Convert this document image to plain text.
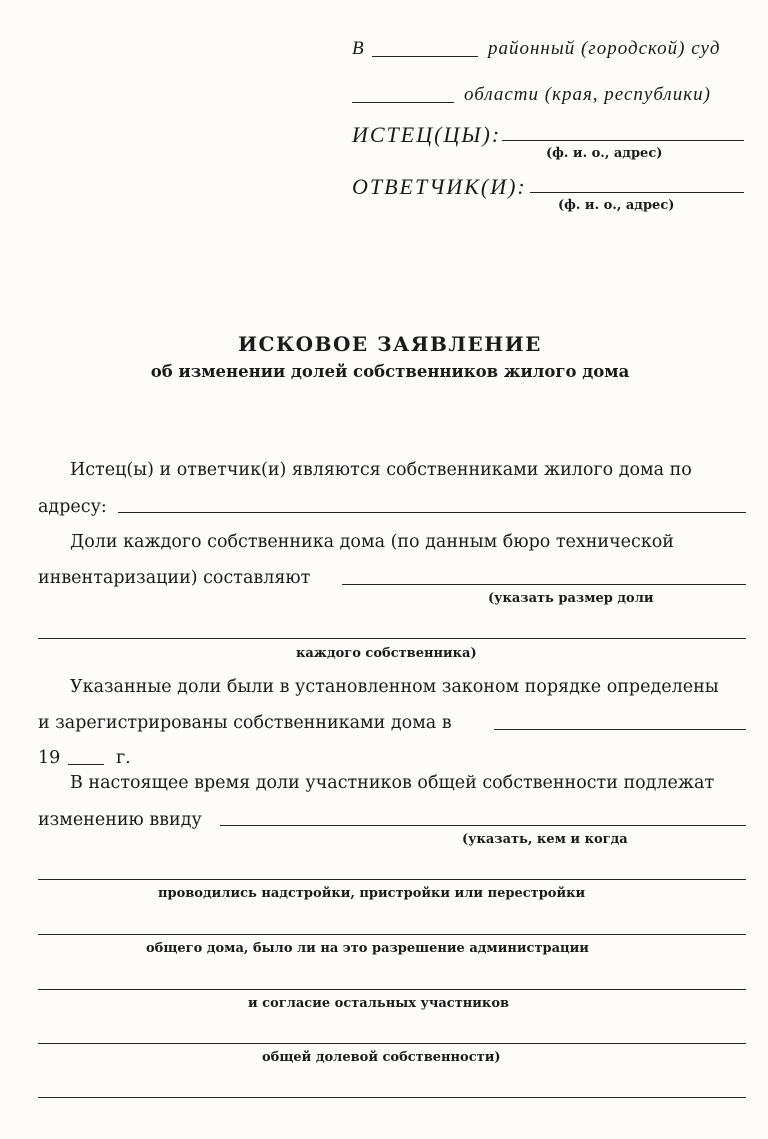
В	районный (городской) суд
области (края, республики)
ИСТЕЦ(ЦЫ):
(ф. и. о., адрес)
ОТВЕТЧИК(И):
(ф. и. о., адрес)
ИСКОВОЕ ЗАЯВЛЕНИЕ
об изменении долей собственников жилого дома
Истец(ы) и ответчик(и) являются собственниками жилого дома по
адресу:
Доли каждого собственника дома (по данным бюро технической
инвентаризации) составляют
(указать размер доли
каждого собственника)
Указанные доли были в установленном законом порядке определены
и зарегистрированы собственниками дома в
19	г.
В настоящее время доли участников общей собственности подлежат
изменению ввиду
(указать, кем и когда
проводились надстройки, пристройки или перестройки
общего дома, было ли на это разрешение администрации
и согласие остальных участников
общей долевой собственности)
